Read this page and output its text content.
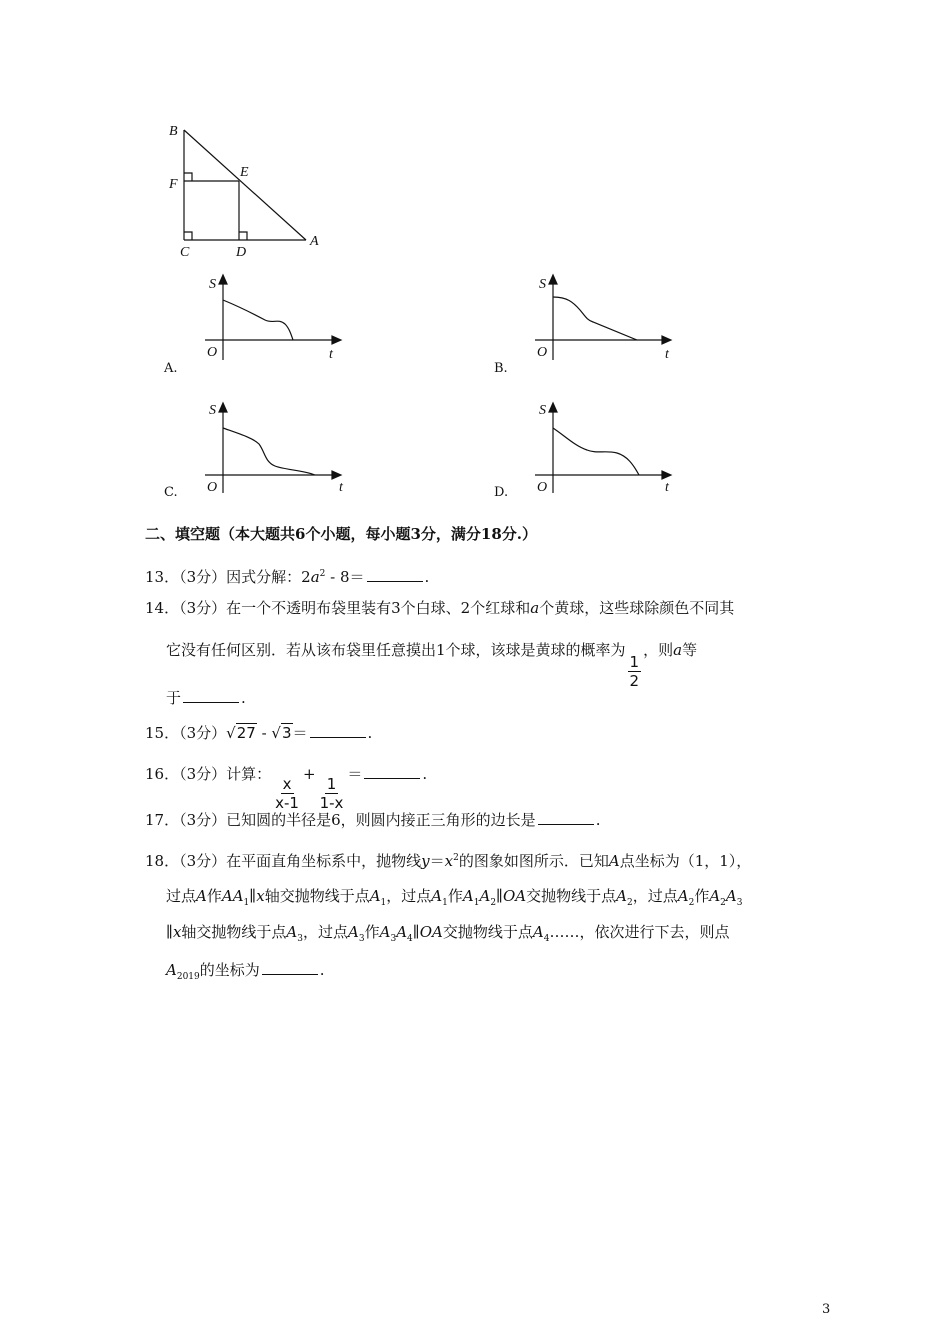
B
F
E
C	D
A
S
t
O
A.
S
t
O
B.
S
t
O
C.
S
t
O
D.
二、填空题（本大题共6个小题，每小题3分，满分18分.）
13．（3分）因式分解：$2a^2 - 8=$	.
14．（3分）在一个不透明布袋里装有3个白球、2个红球和a个黄球，这些球除颜色不同其
它没有任何区别．若从该布袋里任意摸出1个球，该球是黄球的概率为
$\frac{1}{2}$
，则a等
于	.
15．（3分）√27 - √3＝	.
16．（3分）计算：
$\frac{x}{x-1}$
+
$\frac{1}{1-x}$
＝	.
17．（3分）已知圆的半径是6，则圆内接正三角形的边长是	.
18．（3分）在平面直角坐标系中，抛物线$y=x^2$的图象如图所示．已知A点坐标为（1，1），
过点A作$AA_1\parallel x$轴交抛物线于点$A_1$，过点$A_1$作$A_1A_2\parallel OA$交抛物线于点$A_2$，过点$A_2$作$A_2A_3$
∥x轴交抛物线于点$A_3$，过点$A_3$作$A_3A_4\parallel OA$交抛物线于点$A_4\dots\dots$，依次进行下去，则点
$A_{2019}$的坐标为	.
3
